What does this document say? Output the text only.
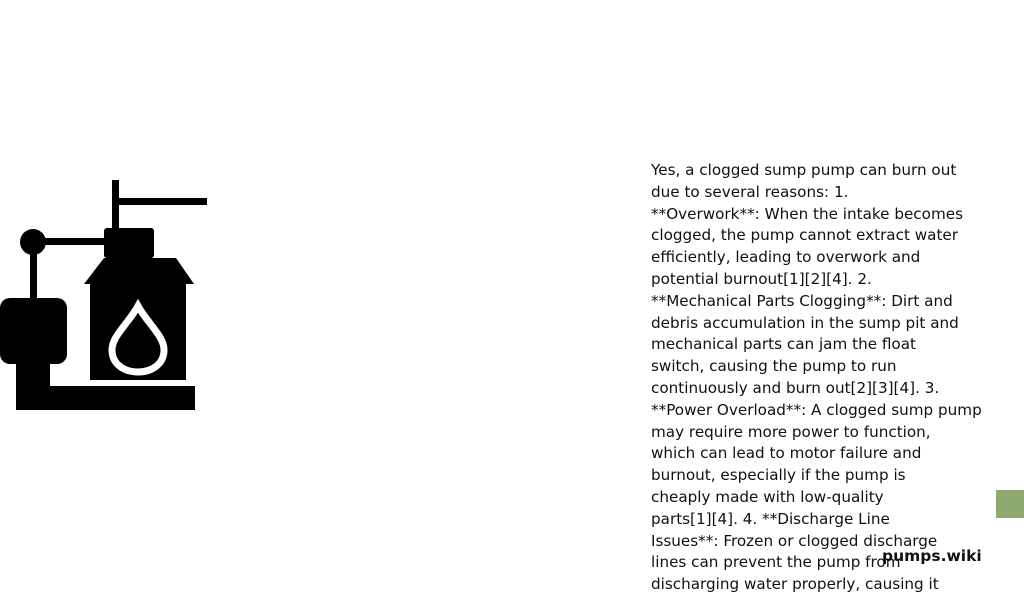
Yes, a clogged sump pump can burn out
due to several reasons: 1.
**Overwork**: When the intake becomes
clogged, the pump cannot extract water
efficiently, leading to overwork and
potential burnout[1][2][4]. 2.
**Mechanical Parts Clogging**: Dirt and
debris accumulation in the sump pit and
mechanical parts can jam the float
switch, causing the pump to run
continuously and burn out[2][3][4]. 3.
**Power Overload**: A clogged sump pump
may require more power to function,
which can lead to motor failure and
burnout, especially if the pump is
cheaply made with low-quality
parts[1][4]. 4. **Discharge Line
Issues**: Frozen or clogged discharge
lines can prevent the pump from
discharging water properly, causing it
pumps.wiki
